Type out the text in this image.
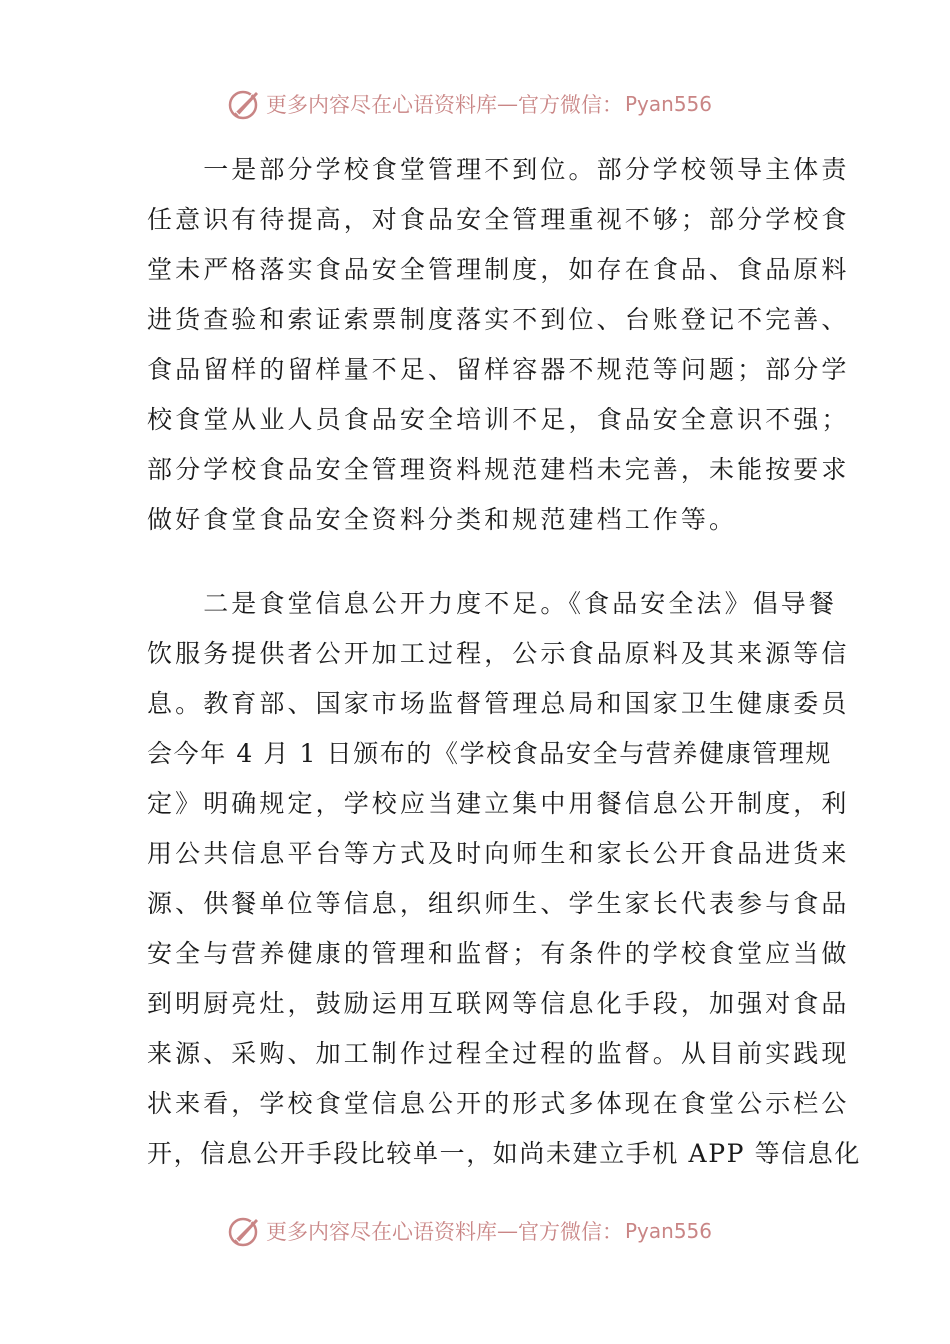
更多内容尽在心语资料库 — 官方微信： Pyan556
　　一是部分学校食堂管理不到位。部分学校领导主体责
任意识有待提高，对食品安全管理重视不够；部分学校食
堂未严格落实食品安全管理制度，如存在食品、食品原料
进货查验和索证索票制度落实不到位、台账登记不完善、
食品留样的留样量不足、留样容器不规范等问题；部分学
校食堂从业人员食品安全培训不足，食品安全意识不强；
部分学校食品安全管理资料规范建档未完善，未能按要求
做好食堂食品安全资料分类和规范建档工作等。
　　二是食堂信息公开力度不足。《食品安全法》倡导餐
饮服务提供者公开加工过程，公示食品原料及其来源等信
息。教育部、国家市场监督管理总局和国家卫生健康委员
会今年 4 月 1 日颁布的《学校食品安全与营养健康管理规
定》明确规定，学校应当建立集中用餐信息公开制度，利
用公共信息平台等方式及时向师生和家长公开食品进货来
源、供餐单位等信息，组织师生、学生家长代表参与食品
安全与营养健康的管理和监督；有条件的学校食堂应当做
到明厨亮灶，鼓励运用互联网等信息化手段，加强对食品
来源、采购、加工制作过程全过程的监督。从目前实践现
状来看，学校食堂信息公开的形式多体现在食堂公示栏公
开，信息公开手段比较单一，如尚未建立手机 APP 等信息化
更多内容尽在心语资料库 — 官方微信： Pyan556
